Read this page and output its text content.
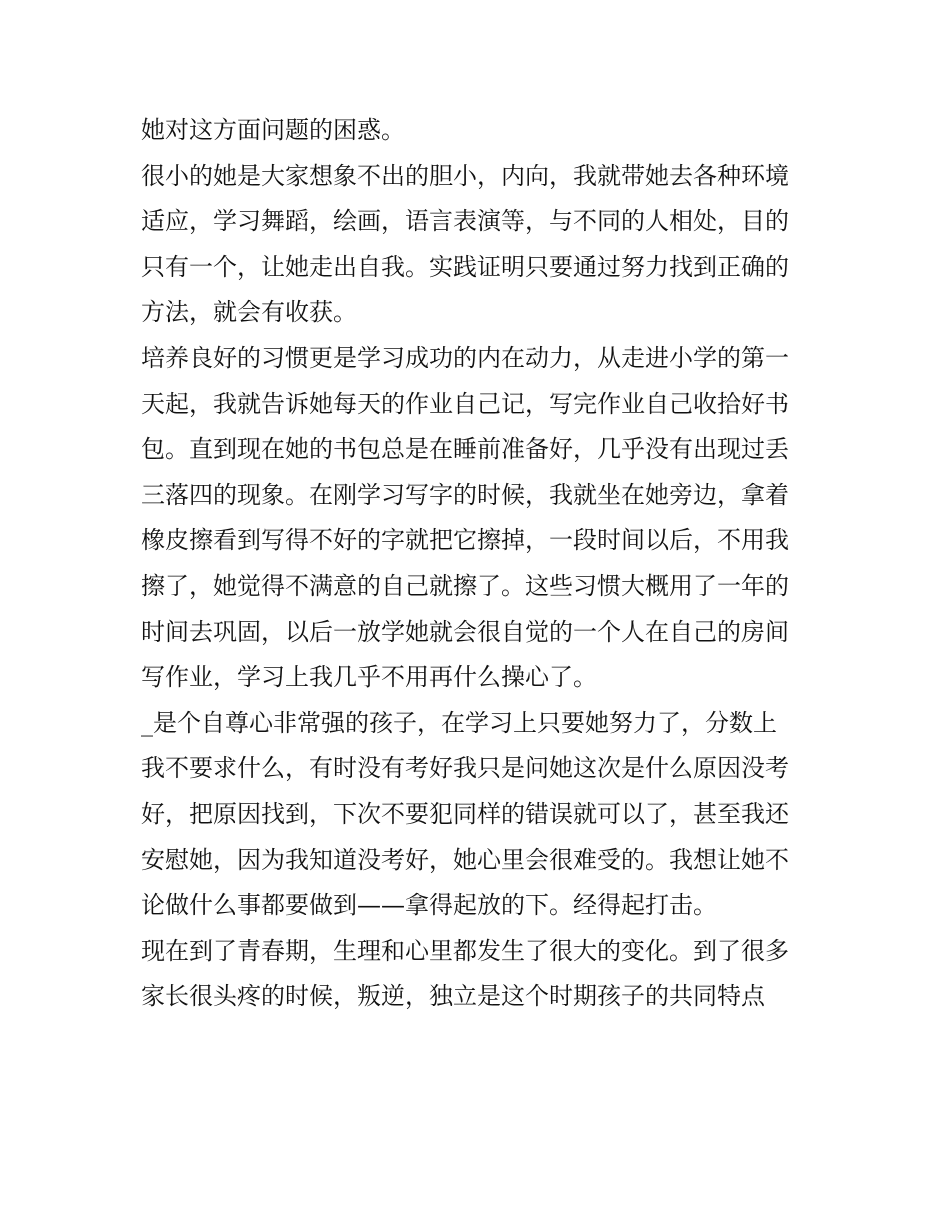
她对这方面问题的困惑。
很小的她是大家想象不出的胆小，内向，我就带她去各种环境
适应，学习舞蹈，绘画，语言表演等，与不同的人相处，目的
只有一个，让她走出自我。实践证明只要通过努力找到正确的
方法，就会有收获。
培养良好的习惯更是学习成功的内在动力，从走进小学的第一
天起，我就告诉她每天的作业自己记，写完作业自己收拾好书
包。直到现在她的书包总是在睡前准备好，几乎没有出现过丢
三落四的现象。在刚学习写字的时候，我就坐在她旁边，拿着
橡皮擦看到写得不好的字就把它擦掉，一段时间以后，不用我
擦了，她觉得不满意的自己就擦了。这些习惯大概用了一年的
时间去巩固，以后一放学她就会很自觉的一个人在自己的房间
写作业，学习上我几乎不用再什么操心了。
_是个自尊心非常强的孩子，在学习上只要她努力了，分数上
我不要求什么，有时没有考好我只是问她这次是什么原因没考
好，把原因找到，下次不要犯同样的错误就可以了，甚至我还
安慰她，因为我知道没考好，她心里会很难受的。我想让她不
论做什么事都要做到——拿得起放的下。经得起打击。
现在到了青春期，生理和心里都发生了很大的变化。到了很多
家长很头疼的时候，叛逆，独立是这个时期孩子的共同特点
